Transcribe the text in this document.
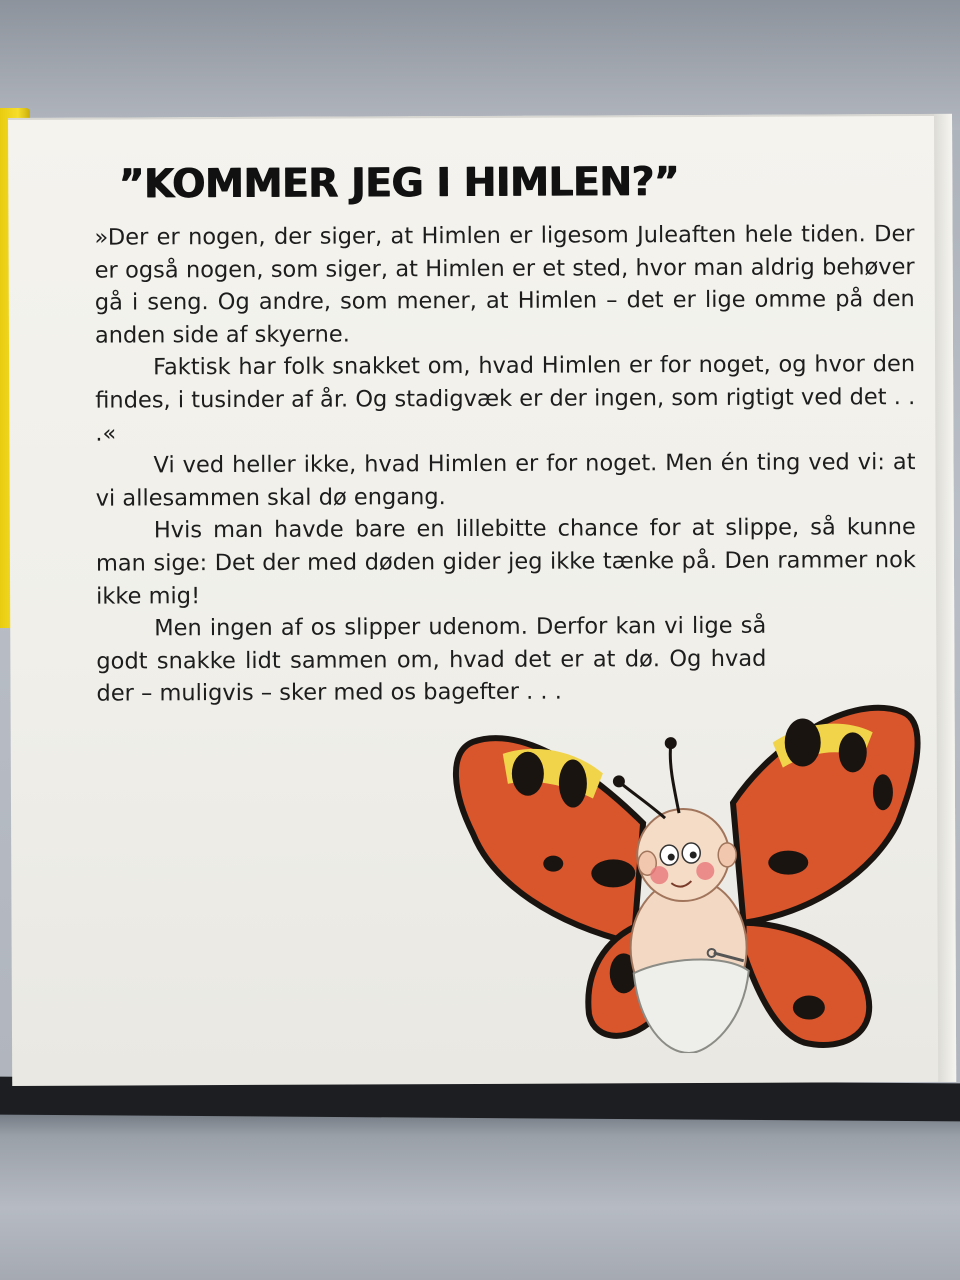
”KOMMER JEG I HIMLEN?”

»Der er nogen, der siger, at Himlen er ligesom Juleaften hele tiden. Der er også nogen, som siger, at Himlen er et sted, hvor man aldrig behøver gå i seng. Og andre, som mener, at Himlen – det er lige omme på den anden side af skyerne.

Faktisk har folk snakket om, hvad Himlen er for noget, og hvor den findes, i tusinder af år. Og stadigvæk er der ingen, som rigtigt ved det . . .«

Vi ved heller ikke, hvad Himlen er for noget. Men én ting ved vi: at vi allesammen skal dø engang.

Hvis man havde bare en lillebitte chance for at slippe, så kunne man sige: Det der med døden gider jeg ikke tænke på. Den rammer nok ikke mig!

Men ingen af os slipper udenom. Derfor kan vi lige så godt snakke lidt sammen om, hvad det er at dø. Og hvad der – muligvis – sker med os bagefter . . .
